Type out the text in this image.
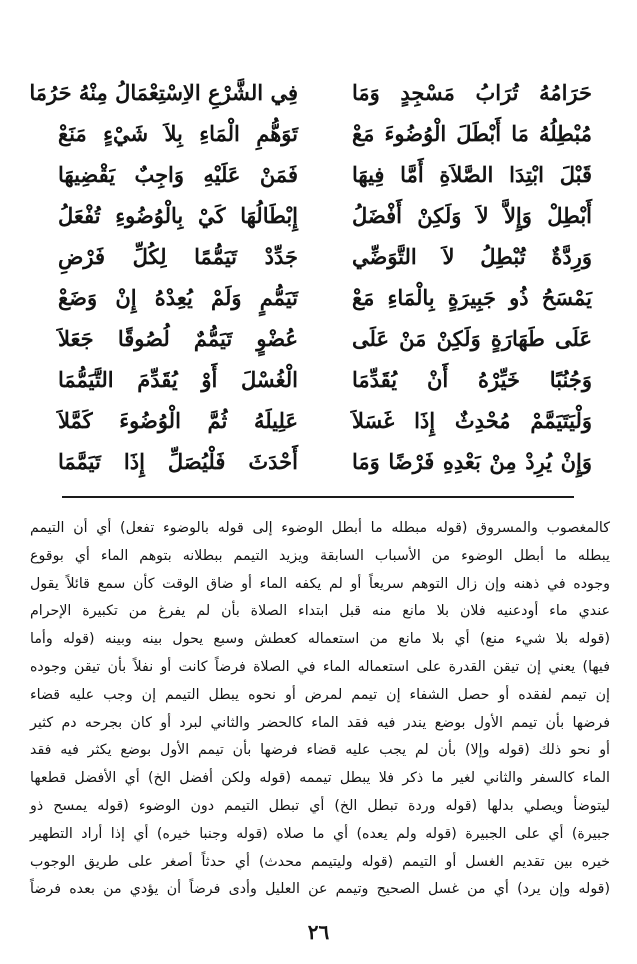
حَرَامُهُ تُرَابُ مَسْجِدٍ وَمَا
مُبْطِلُهُ مَا أَبْطَلَ الْوُضُوءَ مَعْ
قَبْلَ ابْتِدَا الصَّلاَةِ أَمَّا فِيهَا
أَبْطِلْ وَإِلاَّ لاَ وَلَكِنْ أَفْضَلُ
وَرِدَّةٌ تُبْطِلُ لاَ التَّوَضِّي
يَمْسَحُ ذُو جَبِيرَةٍ بِالْمَاءِ مَعْ
عَلَى طَهَارَةٍ وَلَكِنْ مَنْ عَلَى
وَجُنُبًا خَيِّرْهُ أَنْ يُقَدِّمَا
وَلْيَتَيَمَّمْ مُحْدِثٌ إِذَا غَسَلاَ
وَإِنْ يُرِدْ مِنْ بَعْدِهِ فَرْضًا وَمَا
فِي الشَّرْعِ الاِسْتِعْمَالُ مِنْهُ حَرُمَا
تَوَهُّمِ الْمَاءِ بِلاَ شَيْءٍ مَنَعْ
فَمَنْ عَلَيْهِ وَاجِبٌ يَقْضِيهَا
إِبْطَالُهَا كَيْ بِالْوُضُوءِ تُفْعَلُ
جَدِّدْ تَيَمُّمًا لِكُلِّ فَرْضِ
تَيَمُّمٍ وَلَمْ يُعِدْهُ إِنْ وَضَعْ
عُضْوٍ تَيَمُّمٌ لُصُوقًا جَعَلاَ
الْغُسْلَ أَوْ يُقَدِّمَ التَّيَمُّمَا
عَلِيلَهُ ثُمَّ الْوُضُوءَ كَمَّلاَ
أَحْدَثَ فَلْيُصَلِّ إِذَا تَيَمَّمَا
كالمغصوب والمسروق (قوله مبطله ما أبطل الوضوء إلى قوله بالوضوء تفعل) أي أن التيمم
يبطله ما أبطل الوضوء من الأسباب السابقة ويزيد التيمم ببطلانه بتوهم الماء أي بوقوع
وجوده في ذهنه وإن زال التوهم سريعاً أو لم يكفه الماء أو ضاق الوقت كأن سمع قائلاً يقول
عندي ماء أودعنيه فلان بلا مانع منه قبل ابتداء الصلاة بأن لم يفرغ من تكبيرة الإحرام
(قوله بلا شيء منع) أي بلا مانع من استعماله كعطش وسبع يحول بينه وبينه (قوله وأما
فيها) يعني إن تيقن القدرة على استعماله الماء في الصلاة فرضاً كانت أو نفلاً بأن تيقن وجوده
إن تيمم لفقده أو حصل الشفاء إن تيمم لمرض أو نحوه يبطل التيمم إن وجب عليه قضاء
فرضها بأن تيمم الأول بوضع يندر فيه فقد الماء كالحضر والثاني لبرد أو كان بجرحه دم كثير
أو نحو ذلك (قوله وإلا) بأن لم يجب عليه قضاء فرضها بأن تيمم الأول بوضع يكثر فيه فقد
الماء كالسفر والثاني لغير ما ذكر فلا يبطل تيممه (قوله ولكن أفضل الخ) أي الأفضل قطعها
ليتوضأ ويصلي بدلها (قوله وردة تبطل الخ) أي تبطل التيمم دون الوضوء (قوله يمسح ذو
جبيرة) أي على الجبيرة (قوله ولم يعده) أي ما صلاه (قوله وجنبا خيره) أي إذا أراد التطهير
خيره بين تقديم الغسل أو التيمم (قوله وليتيمم محدث) أي حدثاً أصغر على طريق الوجوب
(قوله وإن يرد) أي من غسل الصحيح وتيمم عن العليل وأدى فرضاً أن يؤدي من بعده فرضاً
٢٦
